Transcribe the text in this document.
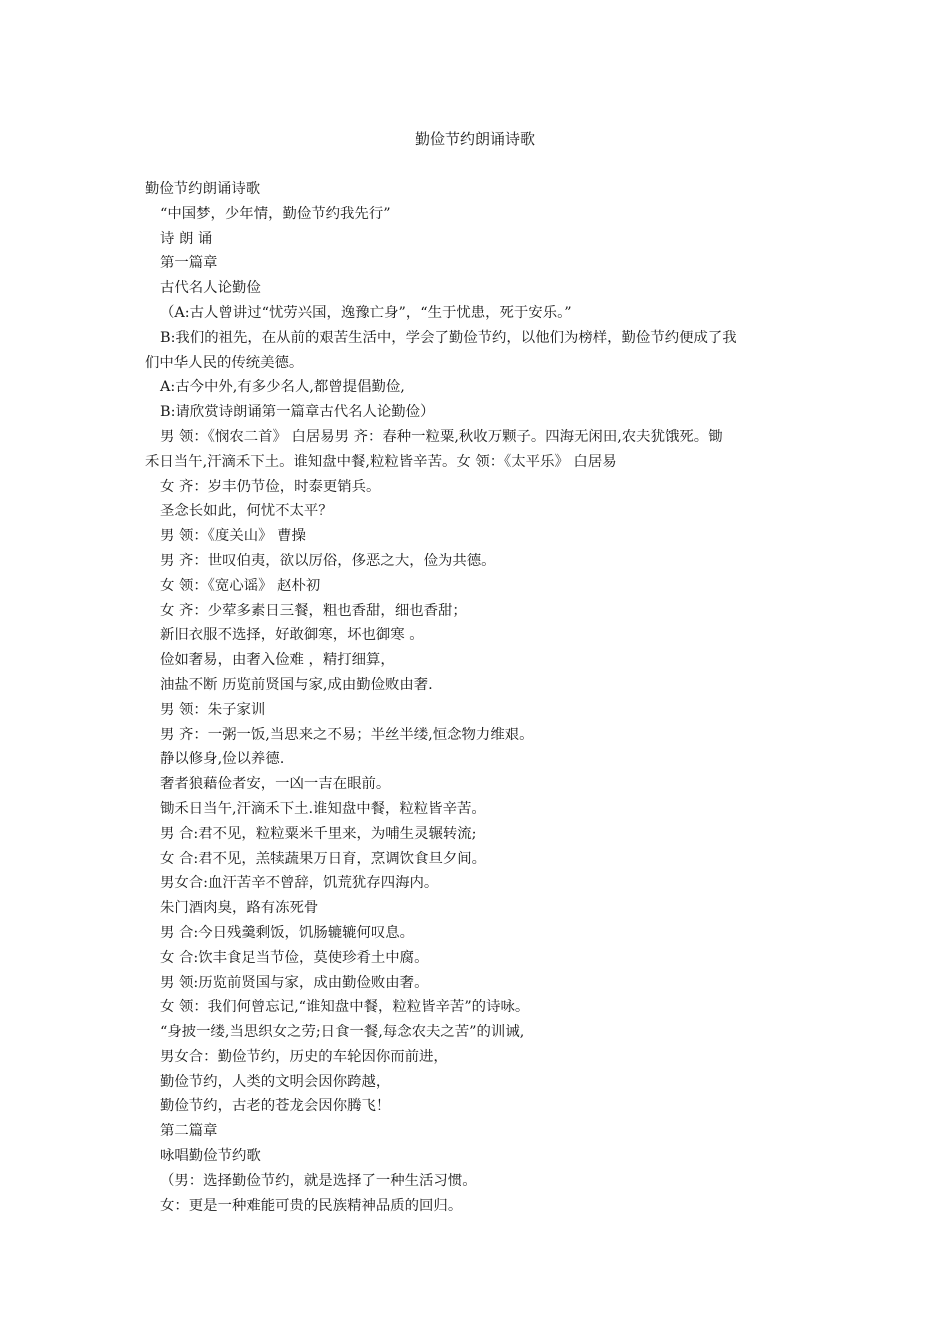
勤俭节约朗诵诗歌
勤俭节约朗诵诗歌
“中国梦，少年情，勤俭节约我先行”
诗 朗 诵
第一篇章
古代名人论勤俭
（A:古人曾讲过“忧劳兴国，逸豫亡身”，“生于忧患，死于安乐。”
B:我们的祖先，在从前的艰苦生活中，学会了勤俭节约，以他们为榜样，勤俭节约便成了我
们中华人民的传统美德。
A:古今中外,有多少名人,都曾提倡勤俭,
B:请欣赏诗朗诵第一篇章古代名人论勤俭）
男 领：《悯农二首》 白居易男 齐：春种一粒粟,秋收万颗子。四海无闲田,农夫犹饿死。锄
禾日当午,汗滴禾下土。谁知盘中餐,粒粒皆辛苦。女 领：《太平乐》 白居易
女 齐：岁丰仍节俭，时泰更销兵。
圣念长如此，何忧不太平？
男 领：《度关山》 曹操
男 齐：世叹伯夷，欲以厉俗，侈恶之大，俭为共德。
女 领：《宽心谣》 赵朴初
女 齐：少荤多素日三餐，粗也香甜，细也香甜；
新旧衣服不选择，好敢御寒，坏也御寒 。
俭如奢易，由奢入俭难 ，精打细算，
油盐不断 历览前贤国与家,成由勤俭败由奢.
男 领：朱子家训
男 齐：一粥一饭,当思来之不易；半丝半缕,恒念物力维艰。
静以修身,俭以养德.
奢者狼藉俭者安，一凶一吉在眼前。
锄禾日当午,汗滴禾下土.谁知盘中餐，粒粒皆辛苦。
男 合:君不见，粒粒粟米千里来，为哺生灵辗转流;
女 合:君不见，羔犊蔬果万日育，烹调饮食旦夕间。
男女合:血汗苦辛不曾辞，饥荒犹存四海内。
朱门酒肉臭，路有冻死骨
男 合:今日残羹剩饭，饥肠辘辘何叹息。
女 合:饮丰食足当节俭，莫使珍肴土中腐。
男 领:历览前贤国与家，成由勤俭败由奢。
女 领：我们何曾忘记,“谁知盘中餐，粒粒皆辛苦”的诗咏。
“身披一缕,当思织女之劳;日食一餐,每念农夫之苦”的训诫,
男女合：勤俭节约，历史的车轮因你而前进，
勤俭节约，人类的文明会因你跨越，
勤俭节约，古老的苍龙会因你腾飞！
第二篇章
咏唱勤俭节约歌
（男：选择勤俭节约，就是选择了一种生活习惯。
女：更是一种难能可贵的民族精神品质的回归。
